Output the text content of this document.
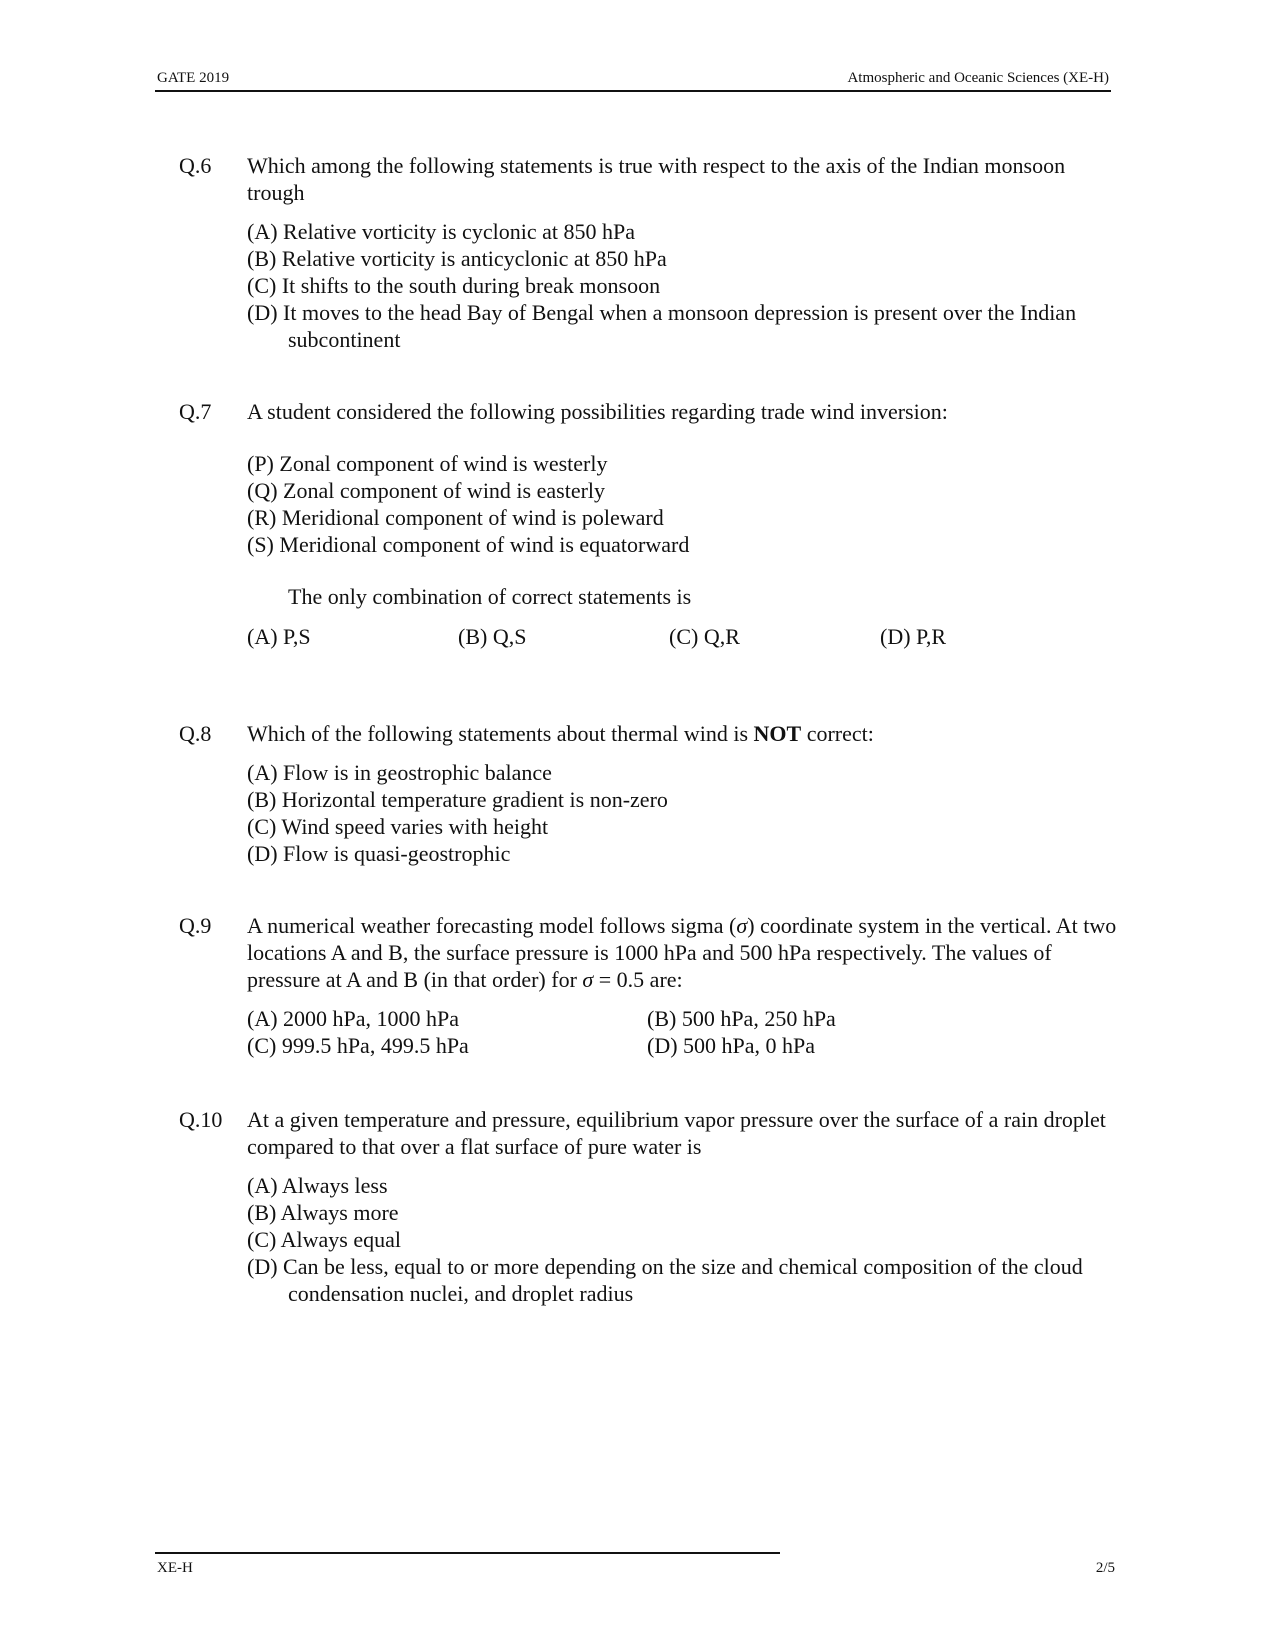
GATE 2019	Atmospheric and Oceanic Sciences (XE-H)
Q.6 Which among the following statements is true with respect to the axis of the Indian monsoon trough
(A) Relative vorticity is cyclonic at 850 hPa
(B) Relative vorticity is anticyclonic at 850 hPa
(C) It shifts to the south during break monsoon
(D) It moves to the head Bay of Bengal when a monsoon depression is present over the Indian subcontinent
Q.7 A student considered the following possibilities regarding trade wind inversion:
(P) Zonal component of wind is westerly
(Q) Zonal component of wind is easterly
(R) Meridional component of wind is poleward
(S) Meridional component of wind is equatorward
The only combination of correct statements is
(A) P,S	(B) Q,S	(C) Q,R	(D) P,R
Q.8 Which of the following statements about thermal wind is NOT correct:
(A) Flow is in geostrophic balance
(B) Horizontal temperature gradient is non-zero
(C) Wind speed varies with height
(D) Flow is quasi-geostrophic
Q.9 A numerical weather forecasting model follows sigma (σ) coordinate system in the vertical. At two locations A and B, the surface pressure is 1000 hPa and 500 hPa respectively. The values of pressure at A and B (in that order) for σ = 0.5 are:
(A) 2000 hPa, 1000 hPa	(B) 500 hPa, 250 hPa
(C) 999.5 hPa, 499.5 hPa	(D) 500 hPa, 0 hPa
Q.10 At a given temperature and pressure, equilibrium vapor pressure over the surface of a rain droplet compared to that over a flat surface of pure water is
(A) Always less
(B) Always more
(C) Always equal
(D) Can be less, equal to or more depending on the size and chemical composition of the cloud condensation nuclei, and droplet radius
XE-H	2/5
